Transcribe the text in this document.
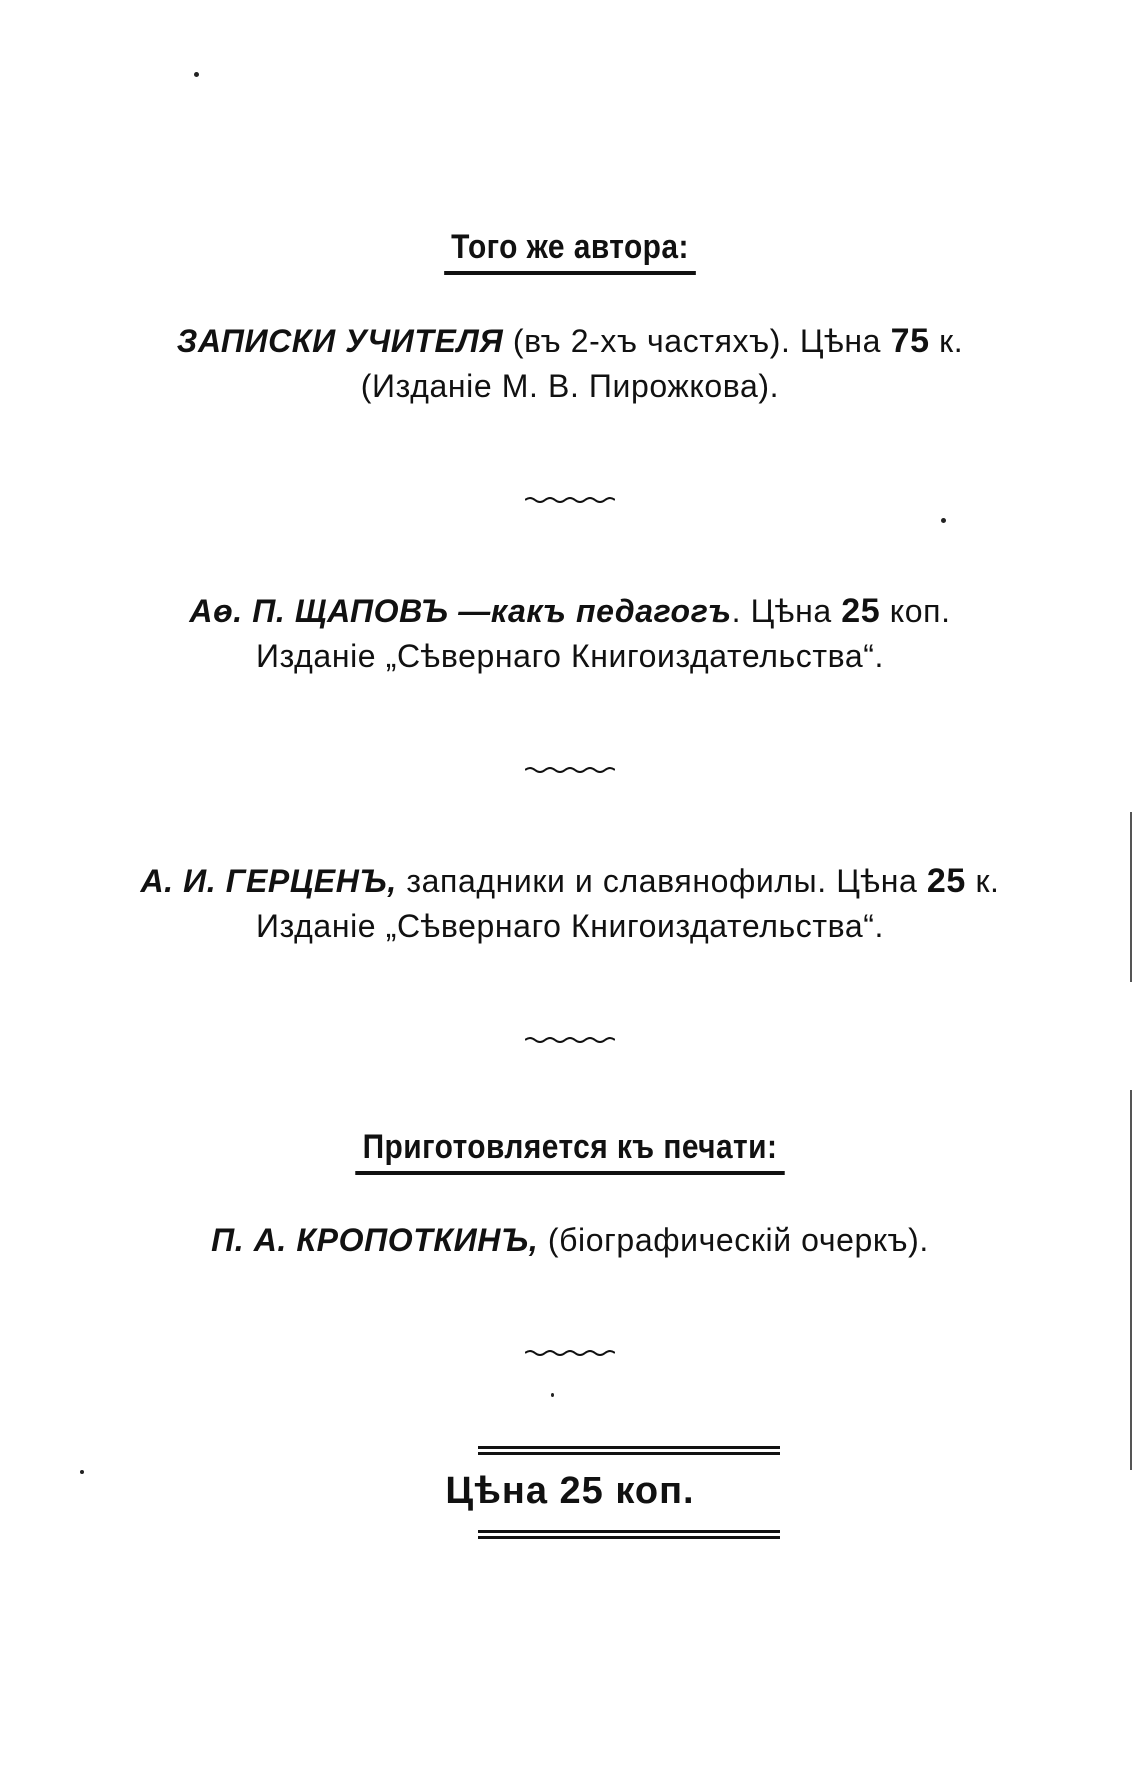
Того же автора:
ЗАПИСКИ УЧИТЕЛЯ (въ 2-хъ частяхъ). Цѣна 75 к.
(Изданіе М. В. Пирожкова).
Аѳ. П. ЩАПОВЪ —какъ педагогъ. Цѣна 25 коп.
Изданіе „Сѣвернаго Книгоиздательства“.
А. И. ГЕРЦЕНЪ, западники и славянофилы. Цѣна 25 к.
Изданіе „Сѣвернаго Книгоиздательства“.
Приготовляется къ печати:
П. А. КРОПОТКИНЪ, (біографическій очеркъ).
Цѣна 25 коп.
